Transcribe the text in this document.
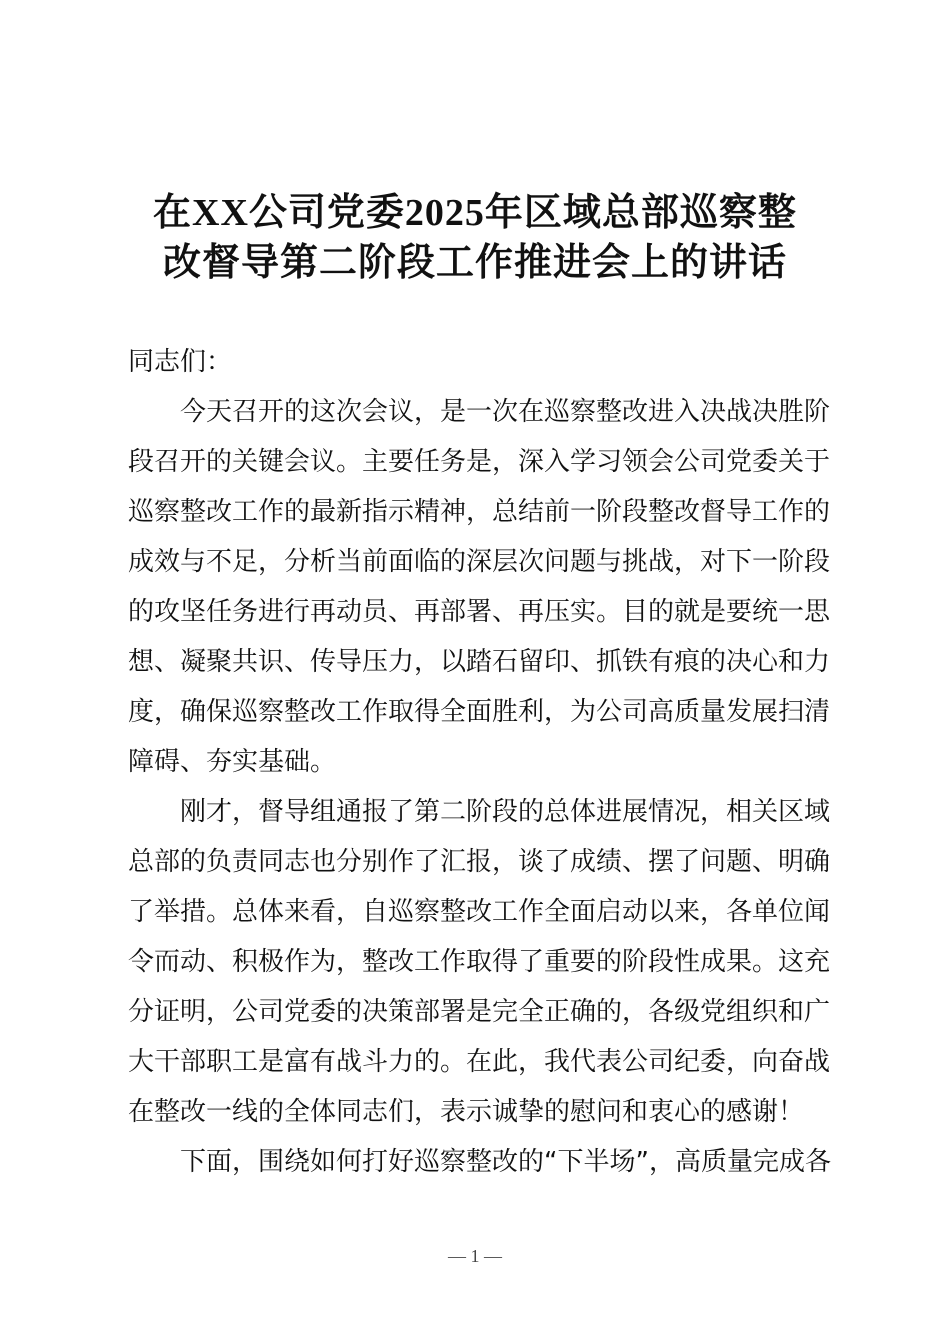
在XX公司党委2025年区域总部巡察整
改督导第二阶段工作推进会上的讲话
同志们：
今天召开的这次会议，是一次在巡察整改进入决战决胜阶
段召开的关键会议。主要任务是，深入学习领会公司党委关于
巡察整改工作的最新指示精神，总结前一阶段整改督导工作的
成效与不足，分析当前面临的深层次问题与挑战，对下一阶段
的攻坚任务进行再动员、再部署、再压实。目的就是要统一思
想、凝聚共识、传导压力，以踏石留印、抓铁有痕的决心和力
度，确保巡察整改工作取得全面胜利，为公司高质量发展扫清
障碍、夯实基础。
刚才，督导组通报了第二阶段的总体进展情况，相关区域
总部的负责同志也分别作了汇报，谈了成绩、摆了问题、明确
了举措。总体来看，自巡察整改工作全面启动以来，各单位闻
令而动、积极作为，整改工作取得了重要的阶段性成果。这充
分证明，公司党委的决策部署是完全正确的，各级党组织和广
大干部职工是富有战斗力的。在此，我代表公司纪委，向奋战
在整改一线的全体同志们，表示诚挚的慰问和衷心的感谢！
下面，围绕如何打好巡察整改的“下半场”，高质量完成各
— 1 —
